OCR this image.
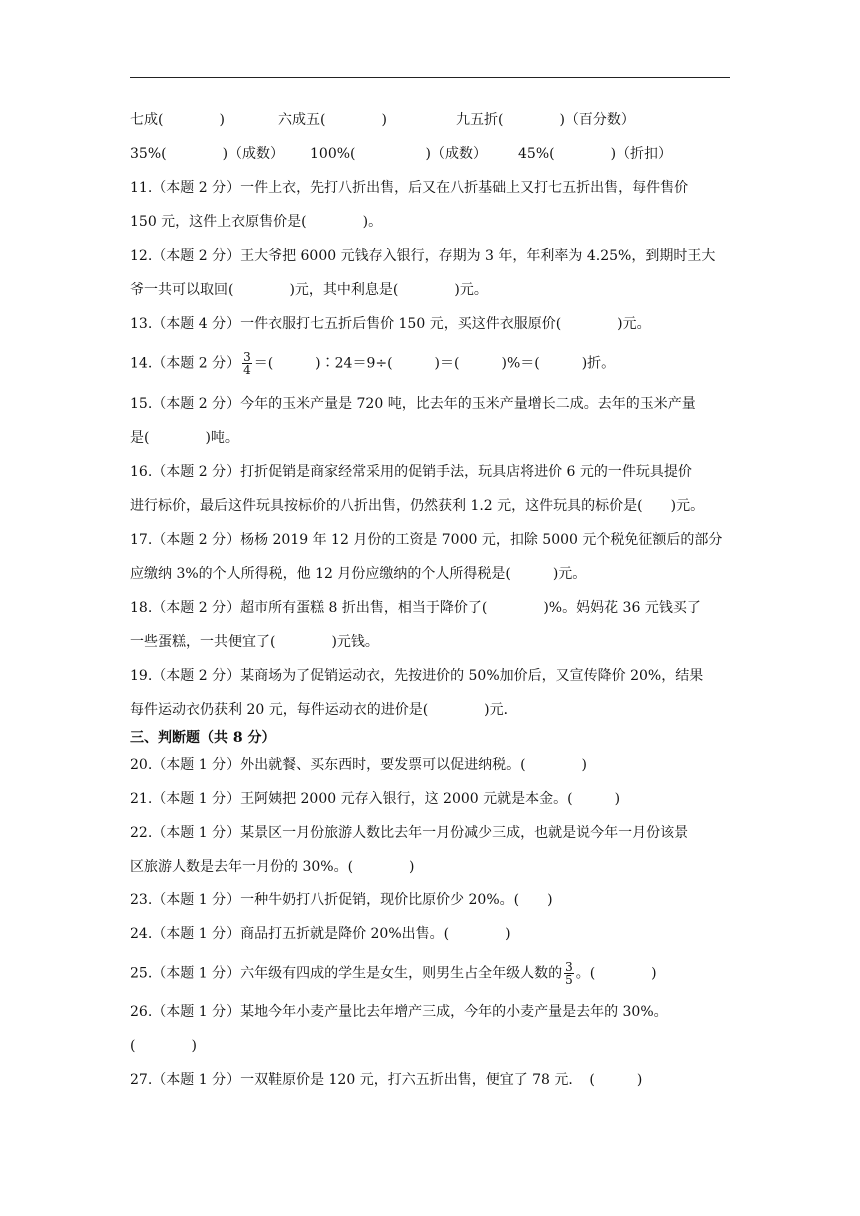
七成(　　　　)	六成五(　　　　)	九五折(　　　　)（百分数）
35%(　　　　)（成数） 100%(　　　　　)（成数） 45%(　　　　)（折扣）
11.（本题 2 分）一件上衣，先打八折出售，后又在八折基础上又打七五折出售，每件售价
150 元，这件上衣原售价是(　　　　)。
12.（本题 2 分）王大爷把 6000 元钱存入银行，存期为 3 年，年利率为 4.25%，到期时王大
爷一共可以取回(　　　　)元，其中利息是(　　　　)元。
13.（本题 4 分）一件衣服打七五折后售价 150 元，买这件衣服原价(　　　　)元。
14.（本题 2 分） $\frac{3}{4}$ ＝(　　　)∶24＝9÷(　　　)＝(　　　)%＝(　　　)折。
15.（本题 2 分）今年的玉米产量是 720 吨，比去年的玉米产量增长二成。去年的玉米产量
是(　　　　)吨。
16.（本题 2 分）打折促销是商家经常采用的促销手法，玩具店将进价 6 元的一件玩具提价
进行标价，最后这件玩具按标价的八折出售，仍然获利 1.2 元，这件玩具的标价是(　　)元。
17.（本题 2 分）杨杨 2019 年 12 月份的工资是 7000 元，扣除 5000 元个税免征额后的部分
应缴纳 3%的个人所得税，他 12 月份应缴纳的个人所得税是(　　　)元。
18.（本题 2 分）超市所有蛋糕 8 折出售，相当于降价了(　　　　)%。妈妈花 36 元钱买了
一些蛋糕，一共便宜了(　　　　)元钱。
19.（本题 2 分）某商场为了促销运动衣，先按进价的 50%加价后，又宣传降价 20%，结果
每件运动衣仍获利 20 元，每件运动衣的进价是(　　　　)元．
三、判断题（共 8 分）
20.（本题 1 分）外出就餐、买东西时，要发票可以促进纳税。(　　　　)
21.（本题 1 分）王阿姨把 2000 元存入银行，这 2000 元就是本金。(　　　)
22.（本题 1 分）某景区一月份旅游人数比去年一月份减少三成，也就是说今年一月份该景
区旅游人数是去年一月份的 30%。(　　　　)
23.（本题 1 分）一种牛奶打八折促销，现价比原价少 20%。(　　)
24.（本题 1 分）商品打五折就是降价 20%出售。(　　　　)
25.（本题 1 分）六年级有四成的学生是女生，则男生占全年级人数的 $\frac{3}{5}$ 。(　　　　)
26.（本题 1 分）某地今年小麦产量比去年增产三成，今年的小麦产量是去年的 30%。
(　　　　)
27.（本题 1 分）一双鞋原价是 120 元，打六五折出售，便宜了 78 元．　(　　　)
